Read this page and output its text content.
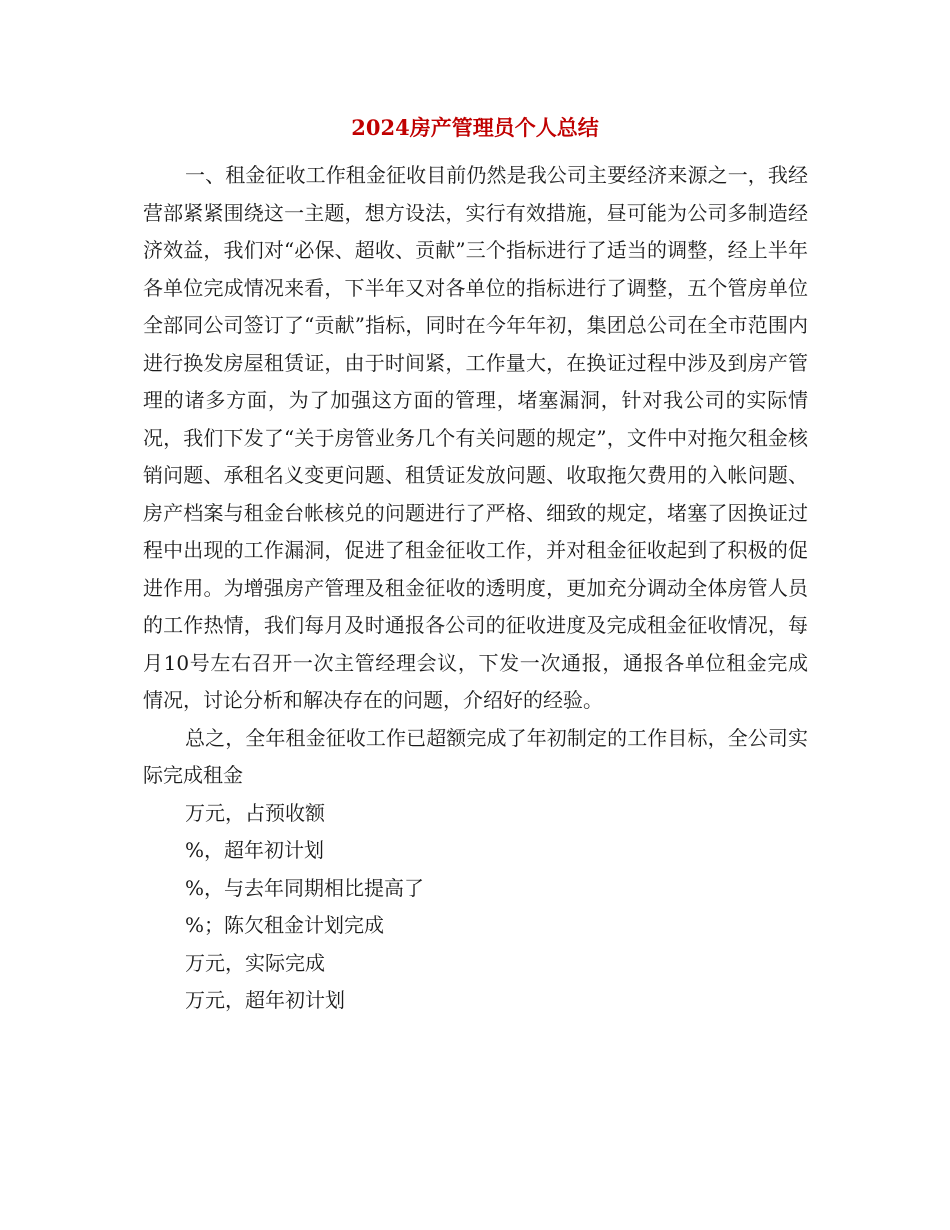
2024房产管理员个人总结

一、租金征收工作租金征收目前仍然是我公司主要经济来源之一，我经营部紧紧围绕这一主题，想方设法，实行有效措施，昼可能为公司多制造经济效益，我们对“必保、超收、贡献”三个指标进行了适当的调整，经上半年各单位完成情况来看，下半年又对各单位的指标进行了调整，五个管房单位全部同公司签订了“贡献”指标，同时在今年年初，集团总公司在全市范围内进行换发房屋租赁证，由于时间紧，工作量大，在换证过程中涉及到房产管理的诸多方面，为了加强这方面的管理，堵塞漏洞，针对我公司的实际情况，我们下发了“关于房管业务几个有关问题的规定”，文件中对拖欠租金核销问题、承租名义变更问题、租赁证发放问题、收取拖欠费用的入帐问题、房产档案与租金台帐核兑的问题进行了严格、细致的规定，堵塞了因换证过程中出现的工作漏洞，促进了租金征收工作，并对租金征收起到了积极的促进作用。为增强房产管理及租金征收的透明度，更加充分调动全体房管人员的工作热情，我们每月及时通报各公司的征收进度及完成租金征收情况，每月10号左右召开一次主管经理会议，下发一次通报，通报各单位租金完成情况，讨论分析和解决存在的问题，介绍好的经验。

总之，全年租金征收工作已超额完成了年初制定的工作目标，全公司实际完成租金

万元，占预收额

%，超年初计划

%，与去年同期相比提高了

%；陈欠租金计划完成

万元，实际完成

万元，超年初计划
